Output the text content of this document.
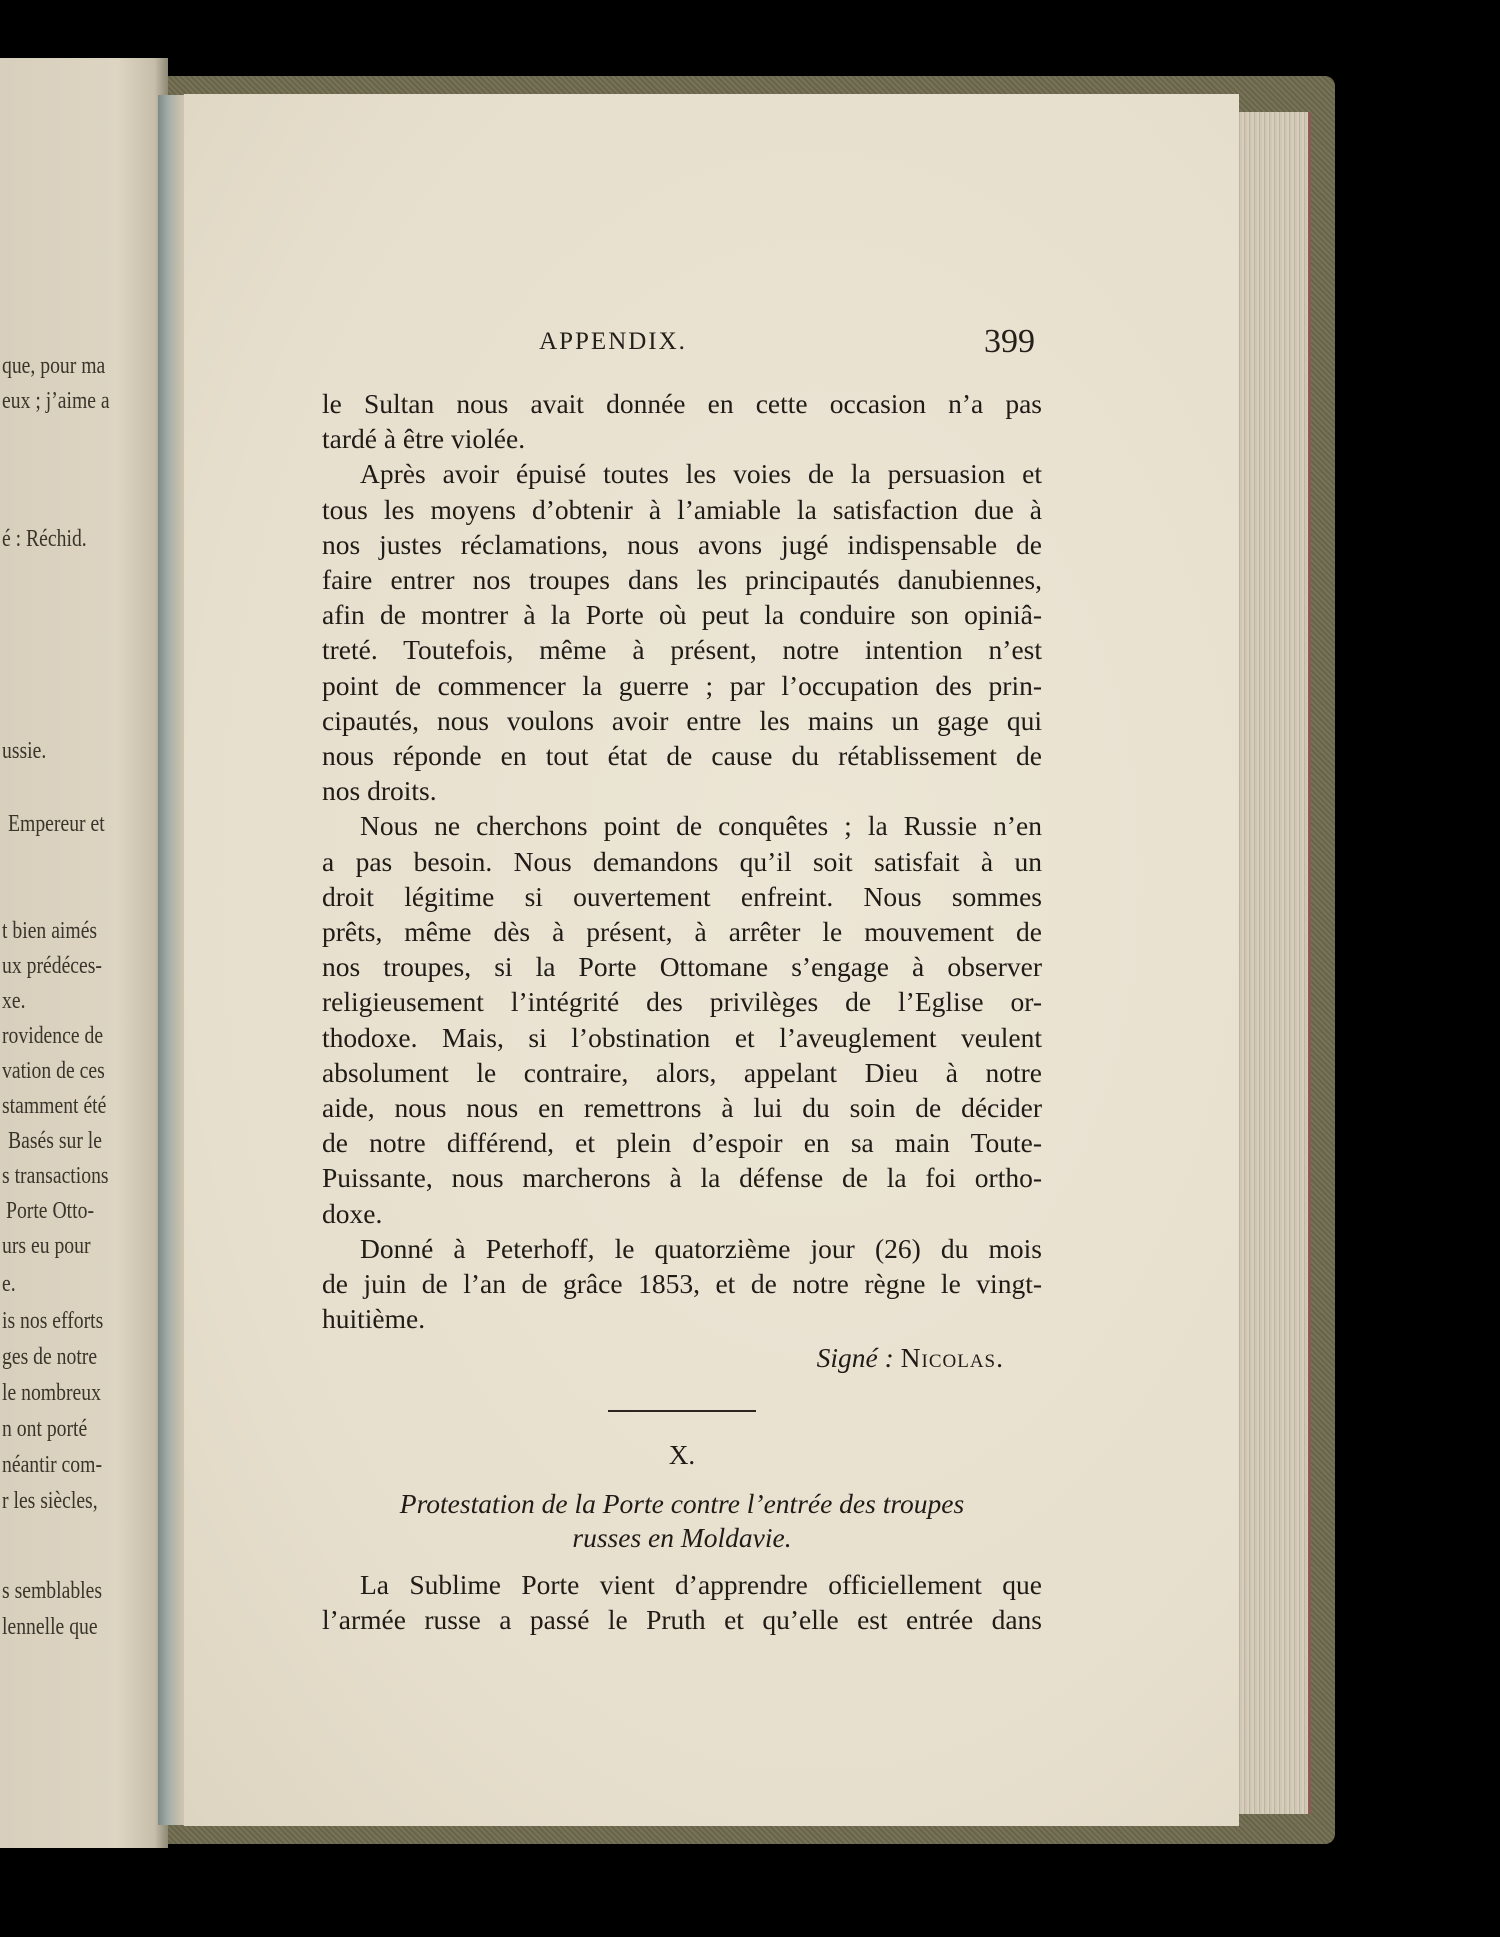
que, pour ma
eux ; j’aime a
é : Réchid.
ussie.
Empereur et
t bien aimés
ux prédéces-
xe.
rovidence de
vation de ces
stamment été
Basés sur le
s transactions
Porte Otto-
urs eu pour
e.
is nos efforts
ges de notre
le nombreux
n ont porté
néantir com-
r les siècles,
s semblables
lennelle que
APPENDIX.	399

le Sultan nous avait donnée en cette occasion n’a pas
tardé à être violée.

Après avoir épuisé toutes les voies de la persuasion et
tous les moyens d’obtenir à l’amiable la satisfaction due à
nos justes réclamations, nous avons jugé indispensable de
faire entrer nos troupes dans les principautés danubiennes,
afin de montrer à la Porte où peut la conduire son opiniâ-
treté. Toutefois, même à présent, notre intention n’est
point de commencer la guerre ; par l’occupation des prin-
cipautés, nous voulons avoir entre les mains un gage qui
nous réponde en tout état de cause du rétablissement de
nos droits.

Nous ne cherchons point de conquêtes ; la Russie n’en
a pas besoin. Nous demandons qu’il soit satisfait à un
droit légitime si ouvertement enfreint. Nous sommes
prêts, même dès à présent, à arrêter le mouvement de
nos troupes, si la Porte Ottomane s’engage à observer
religieusement l’intégrité des privilèges de l’Eglise or-
thodoxe. Mais, si l’obstination et l’aveuglement veulent
absolument le contraire, alors, appelant Dieu à notre
aide, nous nous en remettrons à lui du soin de décider
de notre différend, et plein d’espoir en sa main Toute-
Puissante, nous marcherons à la défense de la foi ortho-
doxe.

Donné à Peterhoff, le quatorzième jour (26) du mois
de juin de l’an de grâce 1853, et de notre règne le vingt-
huitième.

Signé : Nicolas.
X.
Protestation de la Porte contre l’entrée des troupes
russes en Moldavie.

La Sublime Porte vient d’apprendre officiellement que
l’armée russe a passé le Pruth et qu’elle est entrée dans
